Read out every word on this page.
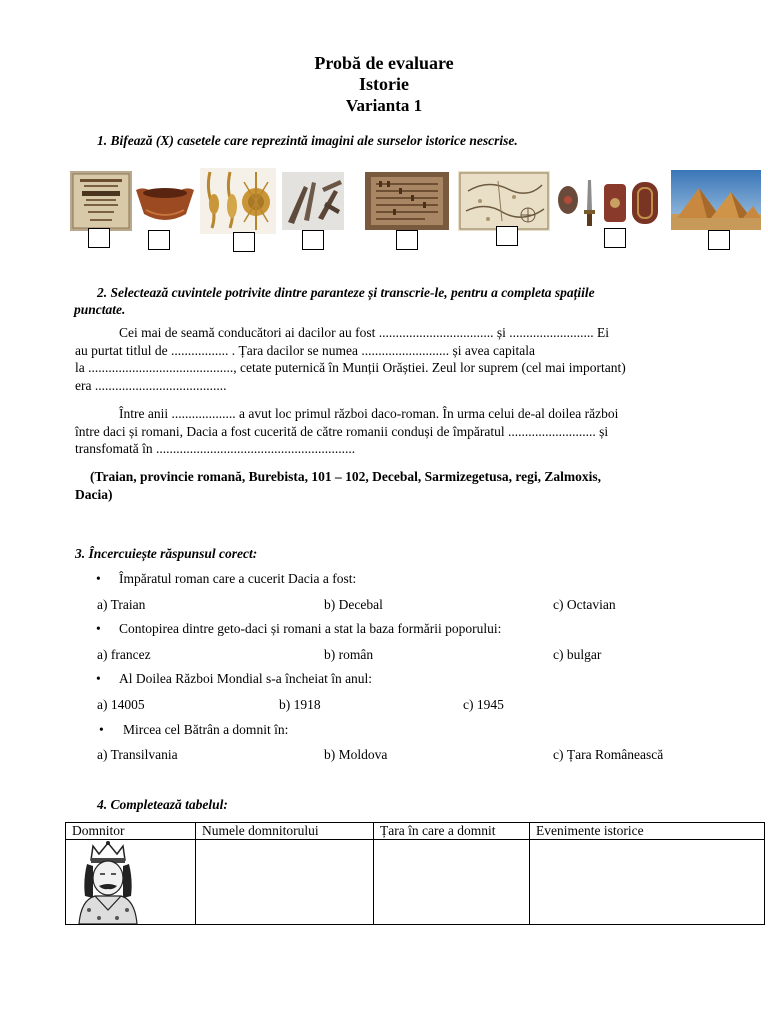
Probă de evaluare
Istorie
Varianta 1
1. Bifează (X) casetele care reprezintă imagini ale surselor istorice nescrise.
2. Selectează cuvintele potrivite dintre paranteze și transcrie-le, pentru a completa spațiile
punctate.
Cei mai de seamă conducători ai dacilor au fost .................................. și ......................... Ei
au purtat titlul de ................. . Țara dacilor se numea .......................... și avea capitala
la ..........................................., cetate puternică în Munții Orăștiei. Zeul lor suprem (cel mai important)
era .......................................
Între anii ................... a avut loc primul război daco-roman. În urma celui de-al doilea război
între daci și romani, Dacia a fost cucerită de către romanii conduși de împăratul .......................... și
transfomată în ...........................................................
(Traian, provincie romană, Burebista, 101 – 102, Decebal, Sarmizegetusa, regi, Zalmoxis,
Dacia)
3. Încercuiește răspunsul corect:
• Împăratul roman care a cucerit Dacia a fost:
a) Traian	b) Decebal	c) Octavian
• Contopirea dintre geto-daci și romani a stat la baza formării poporului:
a) francez	b) român	c) bulgar
• Al Doilea Război Mondial s-a încheiat în anul:
a) 14005	b) 1918	c) 1945
• Mircea cel Bătrân a domnit în:
a) Transilvania	b) Moldova	c) Țara Românească
4. Completează tabelul:
Domnitor	Numele domnitorului	Țara în care a domnit	Evenimente istorice
